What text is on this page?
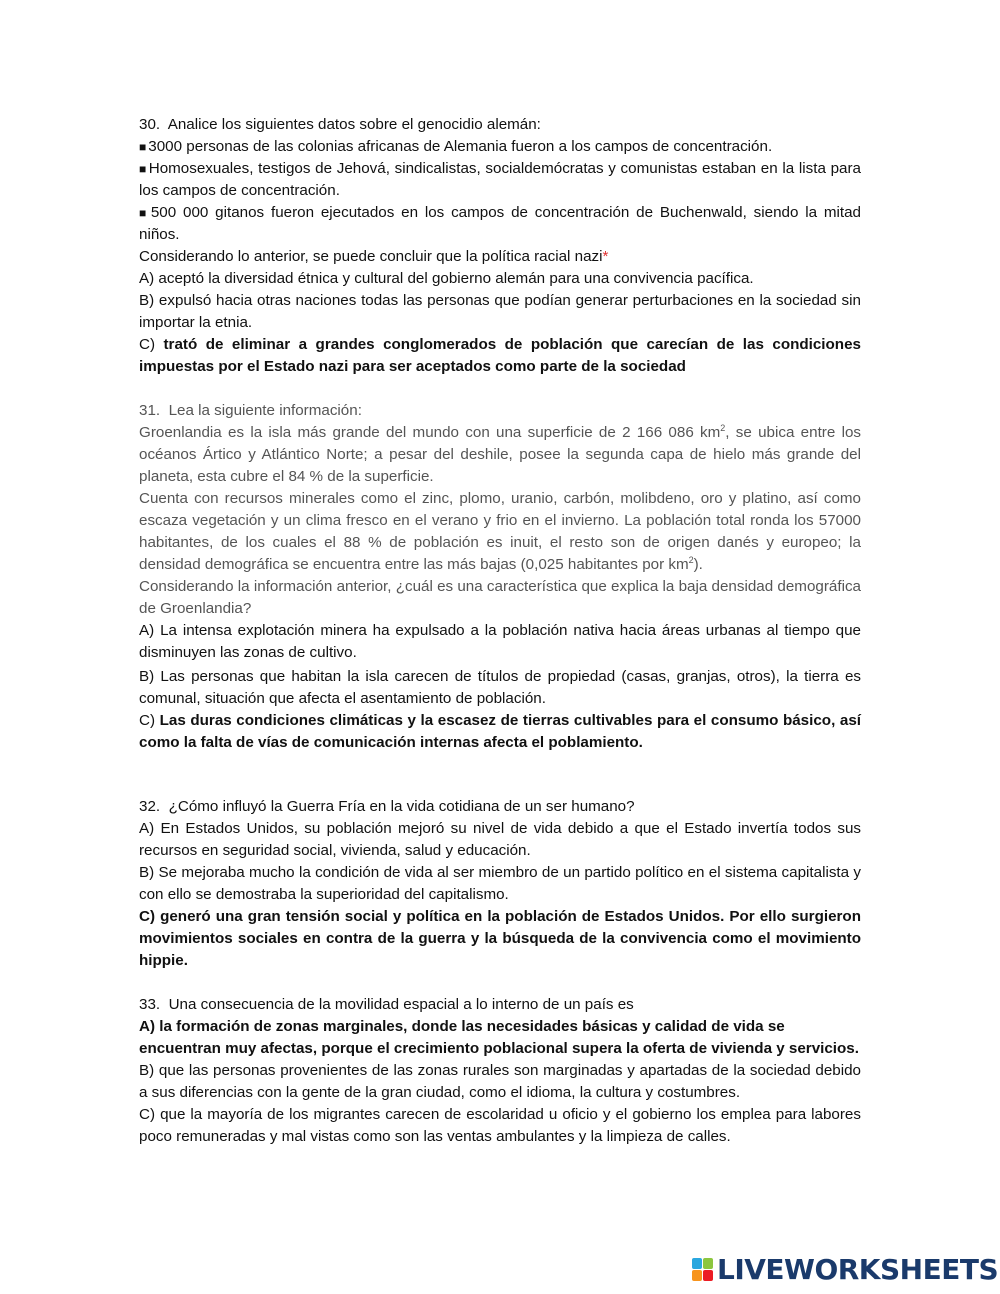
30. Analice los siguientes datos sobre el genocidio alemán:
■ 3000 personas de las colonias africanas de Alemania fueron a los campos de concentración.
■ Homosexuales, testigos de Jehová, sindicalistas, socialdemócratas y comunistas estaban en la lista para los campos de concentración.
■ 500 000 gitanos fueron ejecutados en los campos de concentración de Buchenwald, siendo la mitad niños.
Considerando lo anterior, se puede concluir que la política racial nazi*
A) aceptó la diversidad étnica y cultural del gobierno alemán para una convivencia pacífica.
B) expulsó hacia otras naciones todas las personas que podían generar perturbaciones en la sociedad sin importar la etnia.
C) trató de eliminar a grandes conglomerados de población que carecían de las condiciones impuestas por el Estado nazi para ser aceptados como parte de la sociedad
31. Lea la siguiente información:
Groenlandia es la isla más grande del mundo con una superficie de 2 166 086 $km^2$, se ubica entre los océanos Ártico y Atlántico Norte; a pesar del deshile, posee la segunda capa de hielo más grande del planeta, esta cubre el 84 % de la superficie.
Cuenta con recursos minerales como el zinc, plomo, uranio, carbón, molibdeno, oro y platino, así como escaza vegetación y un clima fresco en el verano y frio en el invierno. La población total ronda los 57000 habitantes, de los cuales el 88 % de población es inuit, el resto son de origen danés y europeo; la densidad demográfica se encuentra entre las más bajas (0,025 habitantes por $km^2$).
Considerando la información anterior, ¿cuál es una característica que explica la baja densidad demográfica de Groenlandia?
A) La intensa explotación minera ha expulsado a la población nativa hacia áreas urbanas al tiempo que disminuyen las zonas de cultivo.
B) Las personas que habitan la isla carecen de títulos de propiedad (casas, granjas, otros), la tierra es comunal, situación que afecta el asentamiento de población.
C) Las duras condiciones climáticas y la escasez de tierras cultivables para el consumo básico, así como la falta de vías de comunicación internas afecta el poblamiento.
32. ¿Cómo influyó la Guerra Fría en la vida cotidiana de un ser humano?
A) En Estados Unidos, su población mejoró su nivel de vida debido a que el Estado invertía todos sus recursos en seguridad social, vivienda, salud y educación.
B) Se mejoraba mucho la condición de vida al ser miembro de un partido político en el sistema capitalista y con ello se demostraba la superioridad del capitalismo.
C) generó una gran tensión social y política en la población de Estados Unidos. Por ello surgieron movimientos sociales en contra de la guerra y la búsqueda de la convivencia como el movimiento hippie.
33. Una consecuencia de la movilidad espacial a lo interno de un país es
A) la formación de zonas marginales, donde las necesidades básicas y calidad de vida se encuentran muy afectas, porque el crecimiento poblacional supera la oferta de vivienda y servicios.
B) que las personas provenientes de las zonas rurales son marginadas y apartadas de la sociedad debido a sus diferencias con la gente de la gran ciudad, como el idioma, la cultura y costumbres.
C) que la mayoría de los migrantes carecen de escolaridad u oficio y el gobierno los emplea para labores poco remuneradas y mal vistas como son las ventas ambulantes y la limpieza de calles.
LIVEWORKSHEETS
